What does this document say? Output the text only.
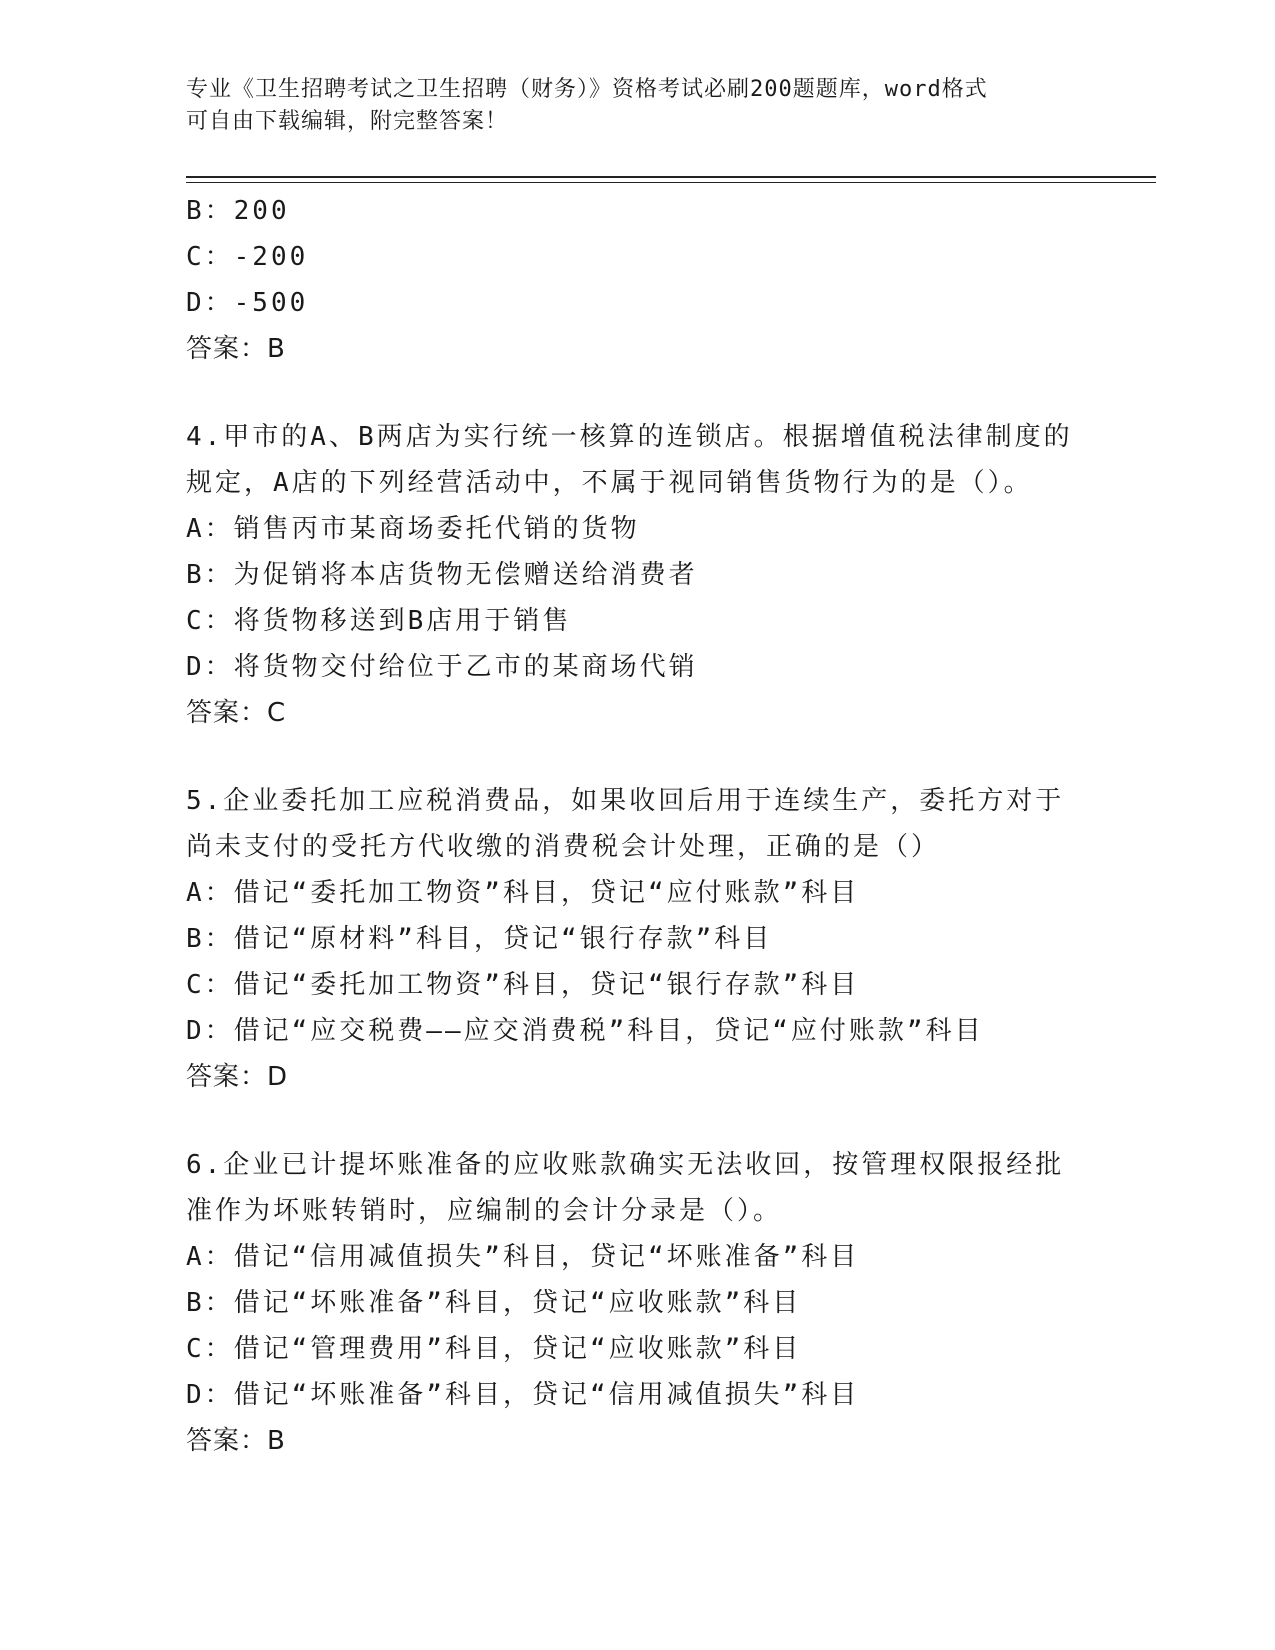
专业《卫生招聘考试之卫生招聘（财务）》资格考试必刷200题题库，word格式
可自由下载编辑，附完整答案！
B：200
C：-200
D：-500
答案：B
4.甲市的A、B两店为实行统一核算的连锁店。根据增值税法律制度的
规定，A店的下列经营活动中，不属于视同销售货物行为的是（）。
A：销售丙市某商场委托代销的货物
B：为促销将本店货物无偿赠送给消费者
C：将货物移送到B店用于销售
D：将货物交付给位于乙市的某商场代销
答案：C
5.企业委托加工应税消费品，如果收回后用于连续生产，委托方对于
尚未支付的受托方代收缴的消费税会计处理，正确的是（）
A：借记“委托加工物资”科目，贷记“应付账款”科目
B：借记“原材料”科目，贷记“银行存款”科目
C：借记“委托加工物资”科目，贷记“银行存款”科目
D：借记“应交税费——应交消费税”科目，贷记“应付账款”科目
答案：D
6.企业已计提坏账准备的应收账款确实无法收回，按管理权限报经批
准作为坏账转销时，应编制的会计分录是（）。
A：借记“信用减值损失”科目，贷记“坏账准备”科目
B：借记“坏账准备”科目，贷记“应收账款”科目
C：借记“管理费用”科目，贷记“应收账款”科目
D：借记“坏账准备”科目，贷记“信用减值损失”科目
答案：B
